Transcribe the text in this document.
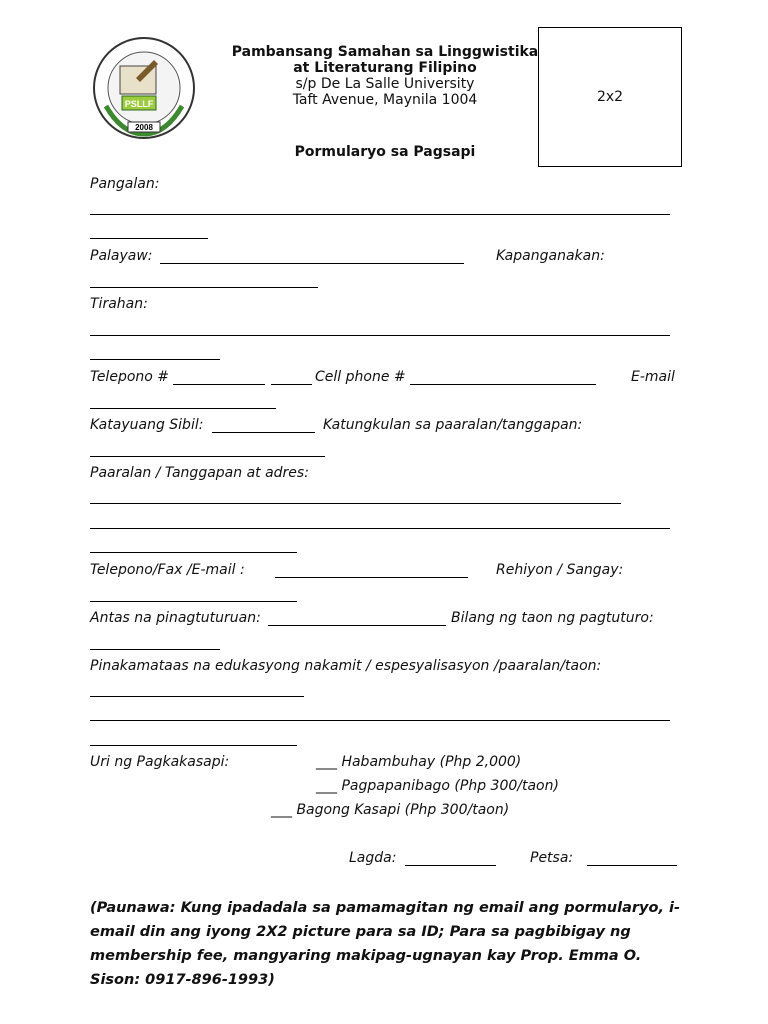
PSLLF
2008
Pambansang Samahan sa Linggwistika
at Literaturang Filipino
s/p De La Salle University
Taft Avenue, Maynila 1004	2x2
Pormularyo sa Pagsapi
Pangalan:
Palayaw:	Kapanganakan:
Tirahan:
Telepono #	Cell phone #	E-mail
Katayuang Sibil:	Katungkulan sa paaralan/tanggapan:
Paaralan / Tanggapan at adres:
Telepono/Fax /E-mail :	Rehiyon / Sangay:
Antas na pinagtuturuan:	Bilang ng taon ng pagtuturo:
Pinakamataas na edukasyong nakamit / espesyalisasyon /paaralan/taon:
Uri ng Pagkakasapi:	___ Habambuhay (Php 2,000)
___ Pagpapanibago (Php 300/taon)
___ Bagong Kasapi (Php 300/taon)
Lagda:	Petsa:
(Paunawa: Kung ipadadala sa pamamagitan ng email ang pormularyo, i-email din ang iyong 2X2 picture para sa ID; Para sa pagbibigay ng membership fee, mangyaring makipag-ugnayan kay Prop. Emma O. Sison: 0917-896-1993)
